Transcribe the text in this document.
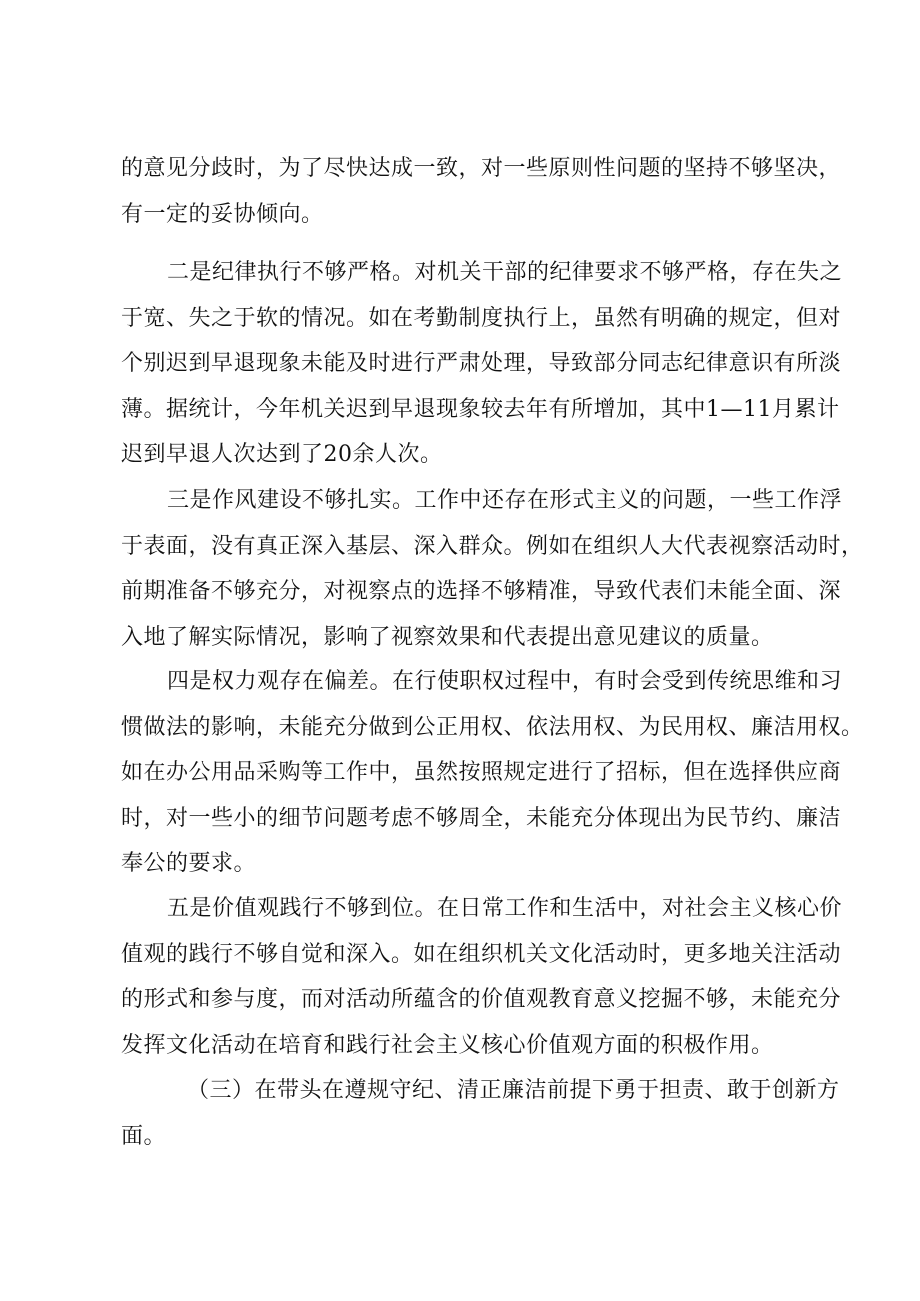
的意见分歧时，为了尽快达成一致，对一些原则性问题的坚持不够坚决，
有一定的妥协倾向。
二是纪律执行不够严格。对机关干部的纪律要求不够严格，存在失之
于宽、失之于软的情况。如在考勤制度执行上，虽然有明确的规定，但对
个别迟到早退现象未能及时进行严肃处理，导致部分同志纪律意识有所淡
薄。据统计，今年机关迟到早退现象较去年有所增加，其中1—11月累计
迟到早退人次达到了20余人次。
三是作风建设不够扎实。工作中还存在形式主义的问题，一些工作浮
于表面，没有真正深入基层、深入群众。例如在组织人大代表视察活动时，
前期准备不够充分，对视察点的选择不够精准，导致代表们未能全面、深
入地了解实际情况，影响了视察效果和代表提出意见建议的质量。
四是权力观存在偏差。在行使职权过程中，有时会受到传统思维和习
惯做法的影响，未能充分做到公正用权、依法用权、为民用权、廉洁用权。
如在办公用品采购等工作中，虽然按照规定进行了招标，但在选择供应商
时，对一些小的细节问题考虑不够周全，未能充分体现出为民节约、廉洁
奉公的要求。
五是价值观践行不够到位。在日常工作和生活中，对社会主义核心价
值观的践行不够自觉和深入。如在组织机关文化活动时，更多地关注活动
的形式和参与度，而对活动所蕴含的价值观教育意义挖掘不够，未能充分
发挥文化活动在培育和践行社会主义核心价值观方面的积极作用。
（三）在带头在遵规守纪、清正廉洁前提下勇于担责、敢于创新方
面。
